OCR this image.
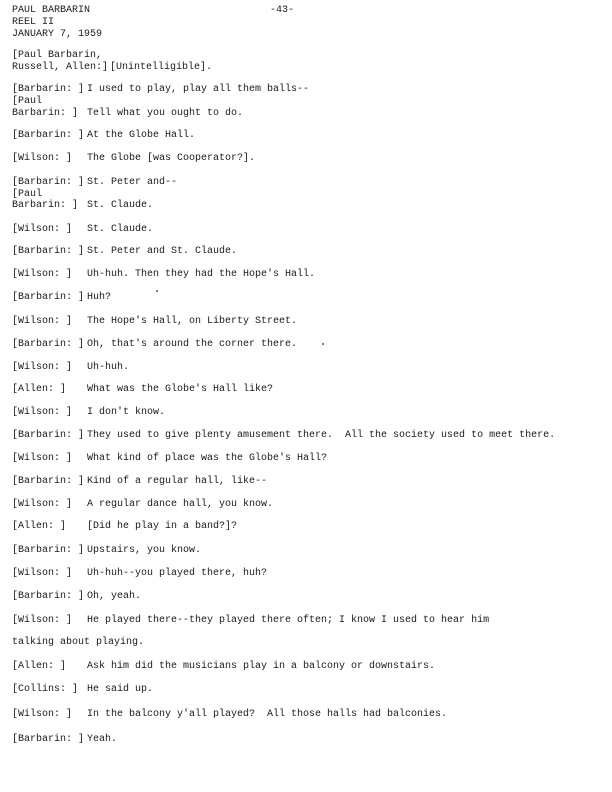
PAUL BARBARIN	-43-
REEL II
JANUARY 7, 1959
[Paul Barbarin,
Russell, Allen:] [Unintelligible].
[Barbarin: ] I used to play, play all them balls--
[Paul
Barbarin: ] Tell what you ought to do.
[Barbarin: ] At the Globe Hall.
[Wilson: ] The Globe [was Cooperator?].
[Barbarin: ] St. Peter and--
[Paul
Barbarin: ] St. Claude.
[Wilson: ] St. Claude.
[Barbarin: ] St. Peter and St. Claude.
[Wilson: ] Uh-huh. Then they had the Hope's Hall.
[Barbarin: ] Huh?
[Wilson: ] The Hope's Hall, on Liberty Street.
[Barbarin: ] Oh, that's around the corner there.
[Wilson: ] Uh-huh.
[Allen: ] What was the Globe's Hall like?
[Wilson: ] I don't know.
[Barbarin: ] They used to give plenty amusement there.  All the society used to meet there.
[Wilson: ] What kind of place was the Globe's Hall?
[Barbarin: ] Kind of a regular hall, like--
[Wilson: ] A regular dance hall, you know.
[Allen: ] [Did he play in a band?]?
[Barbarin: ] Upstairs, you know.
[Wilson: ] Uh-huh--you played there, huh?
[Barbarin: ] Oh, yeah.
[Wilson: ] He played there--they played there often; I know I used to hear him
talking about playing.
[Allen: ] Ask him did the musicians play in a balcony or downstairs.
[Collins: ] He said up.
[Wilson: ] In the balcony y'all played?  All those halls had balconies.
[Barbarin: ] Yeah.
